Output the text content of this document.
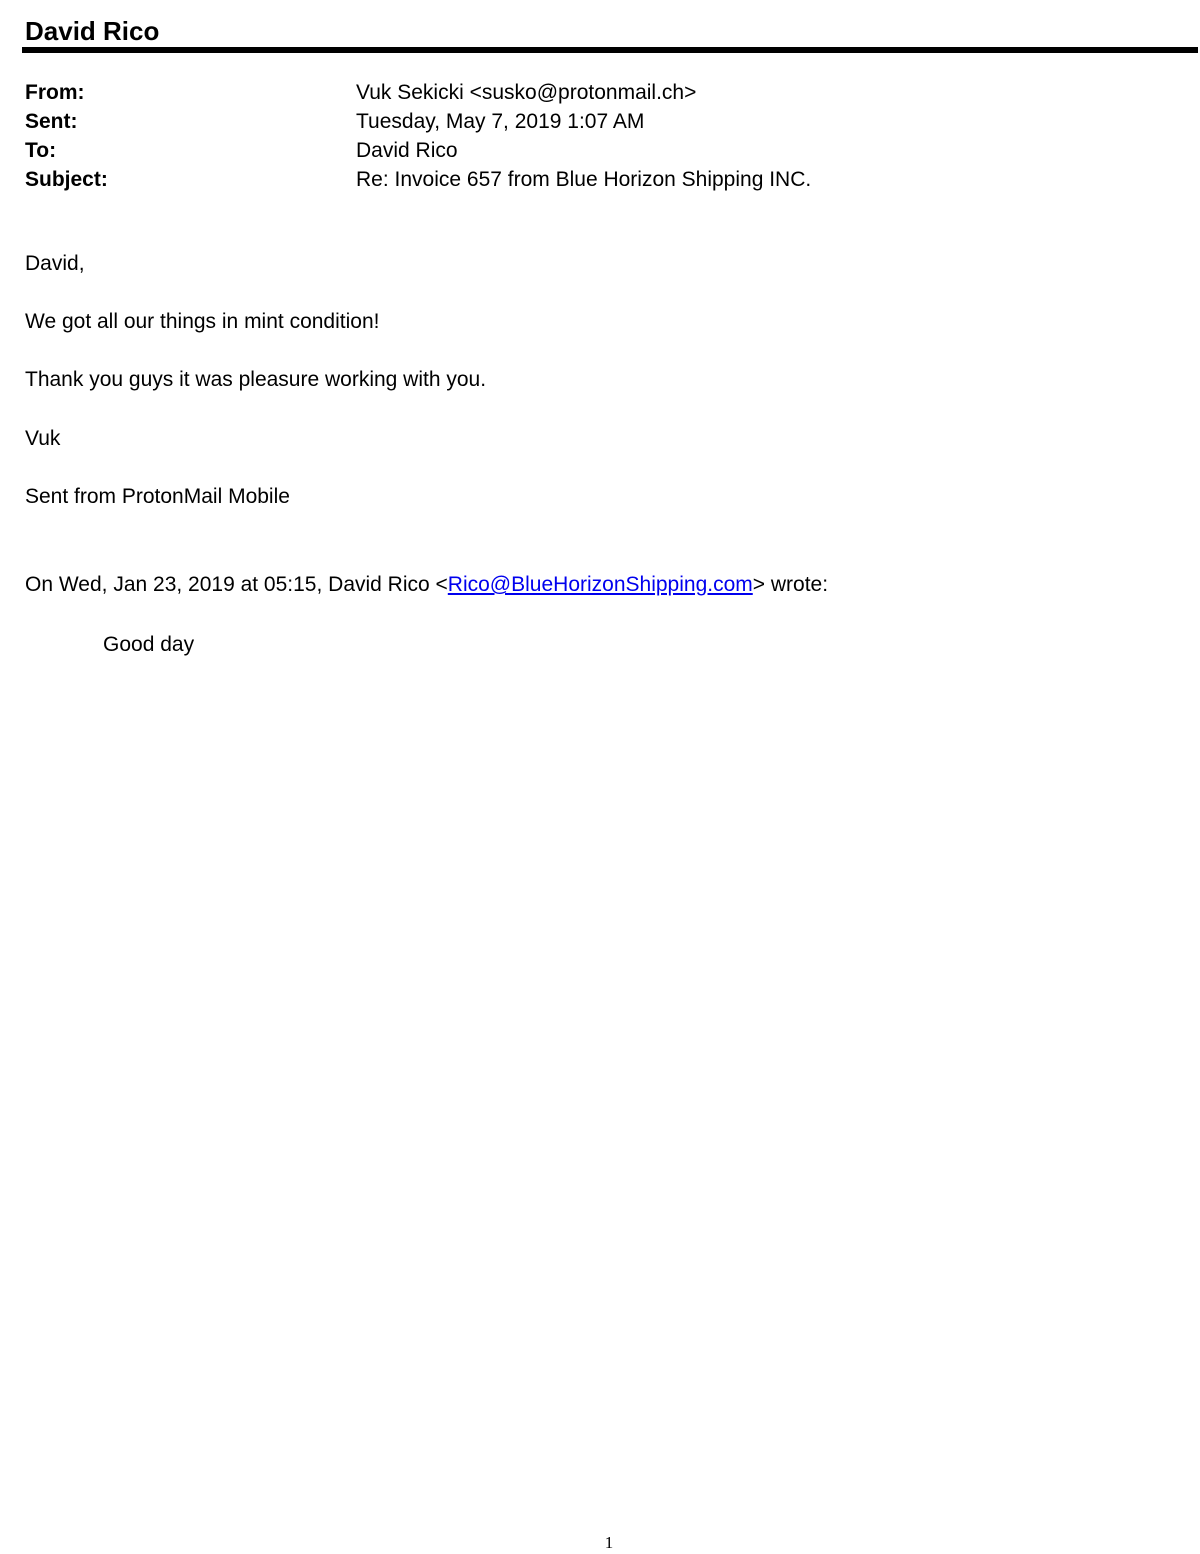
David Rico
From:	Vuk Sekicki <susko@protonmail.ch>
Sent:	Tuesday, May 7, 2019 1:07 AM
To:	David Rico
Subject:	Re: Invoice 657 from Blue Horizon Shipping INC.
David,
We got all our things in mint condition!
Thank you guys it was pleasure working with you.
Vuk
Sent from ProtonMail Mobile
On Wed, Jan 23, 2019 at 05:15, David Rico <Rico@BlueHorizonShipping.com> wrote:
Good day
1
